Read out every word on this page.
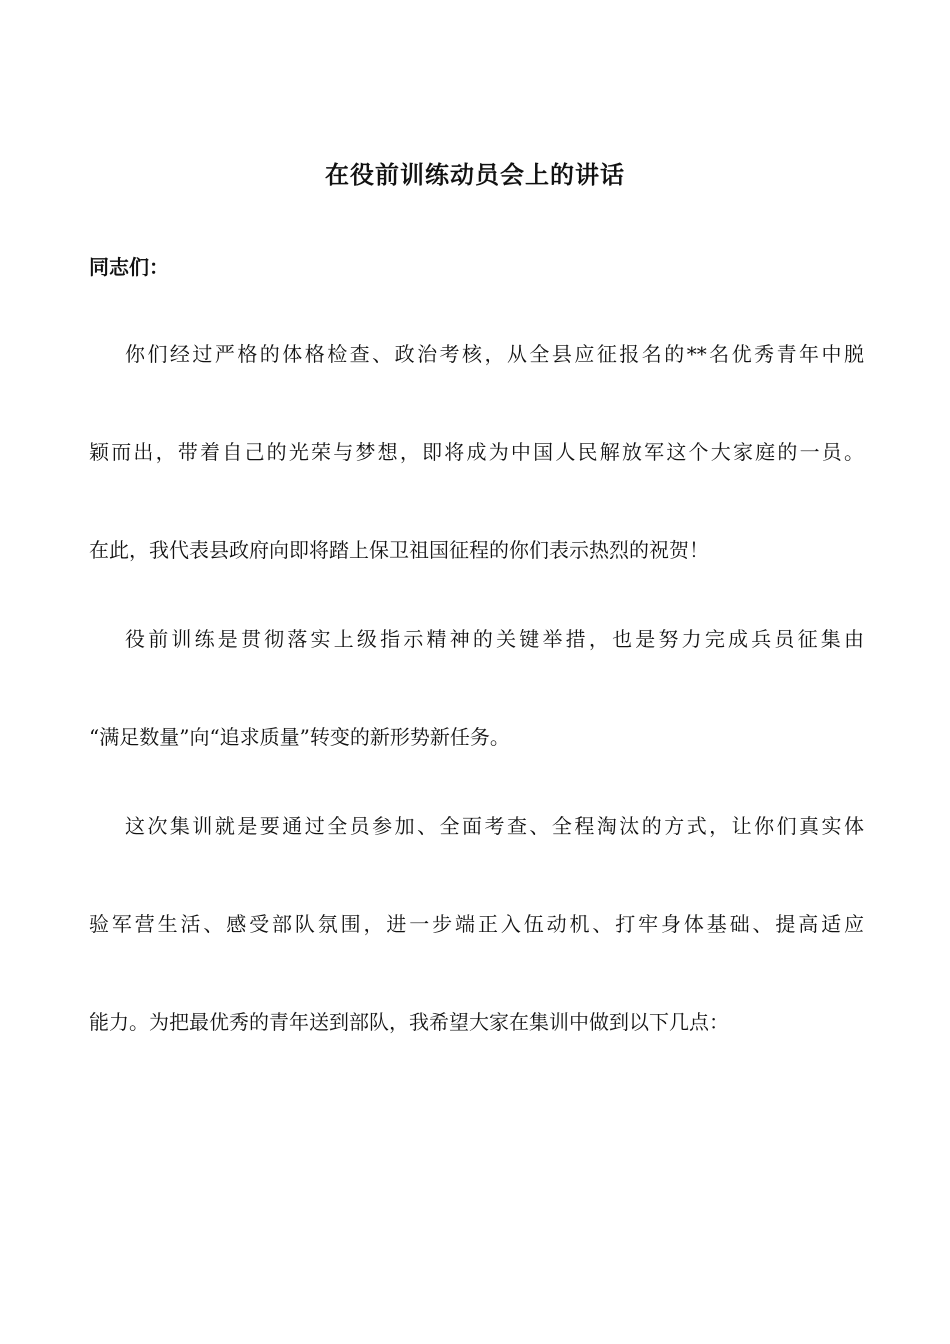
在役前训练动员会上的讲话

同志们：

你们经过严格的体格检查、政治考核，从全县应征报名的**名优秀青年中脱

颖而出，带着自己的光荣与梦想，即将成为中国人民解放军这个大家庭的一员。

在此，我代表县政府向即将踏上保卫祖国征程的你们表示热烈的祝贺！

役前训练是贯彻落实上级指示精神的关键举措，也是努力完成兵员征集由

“满足数量”向“追求质量”转变的新形势新任务。

这次集训就是要通过全员参加、全面考查、全程淘汰的方式，让你们真实体

验军营生活、感受部队氛围，进一步端正入伍动机、打牢身体基础、提高适应

能力。为把最优秀的青年送到部队，我希望大家在集训中做到以下几点：
